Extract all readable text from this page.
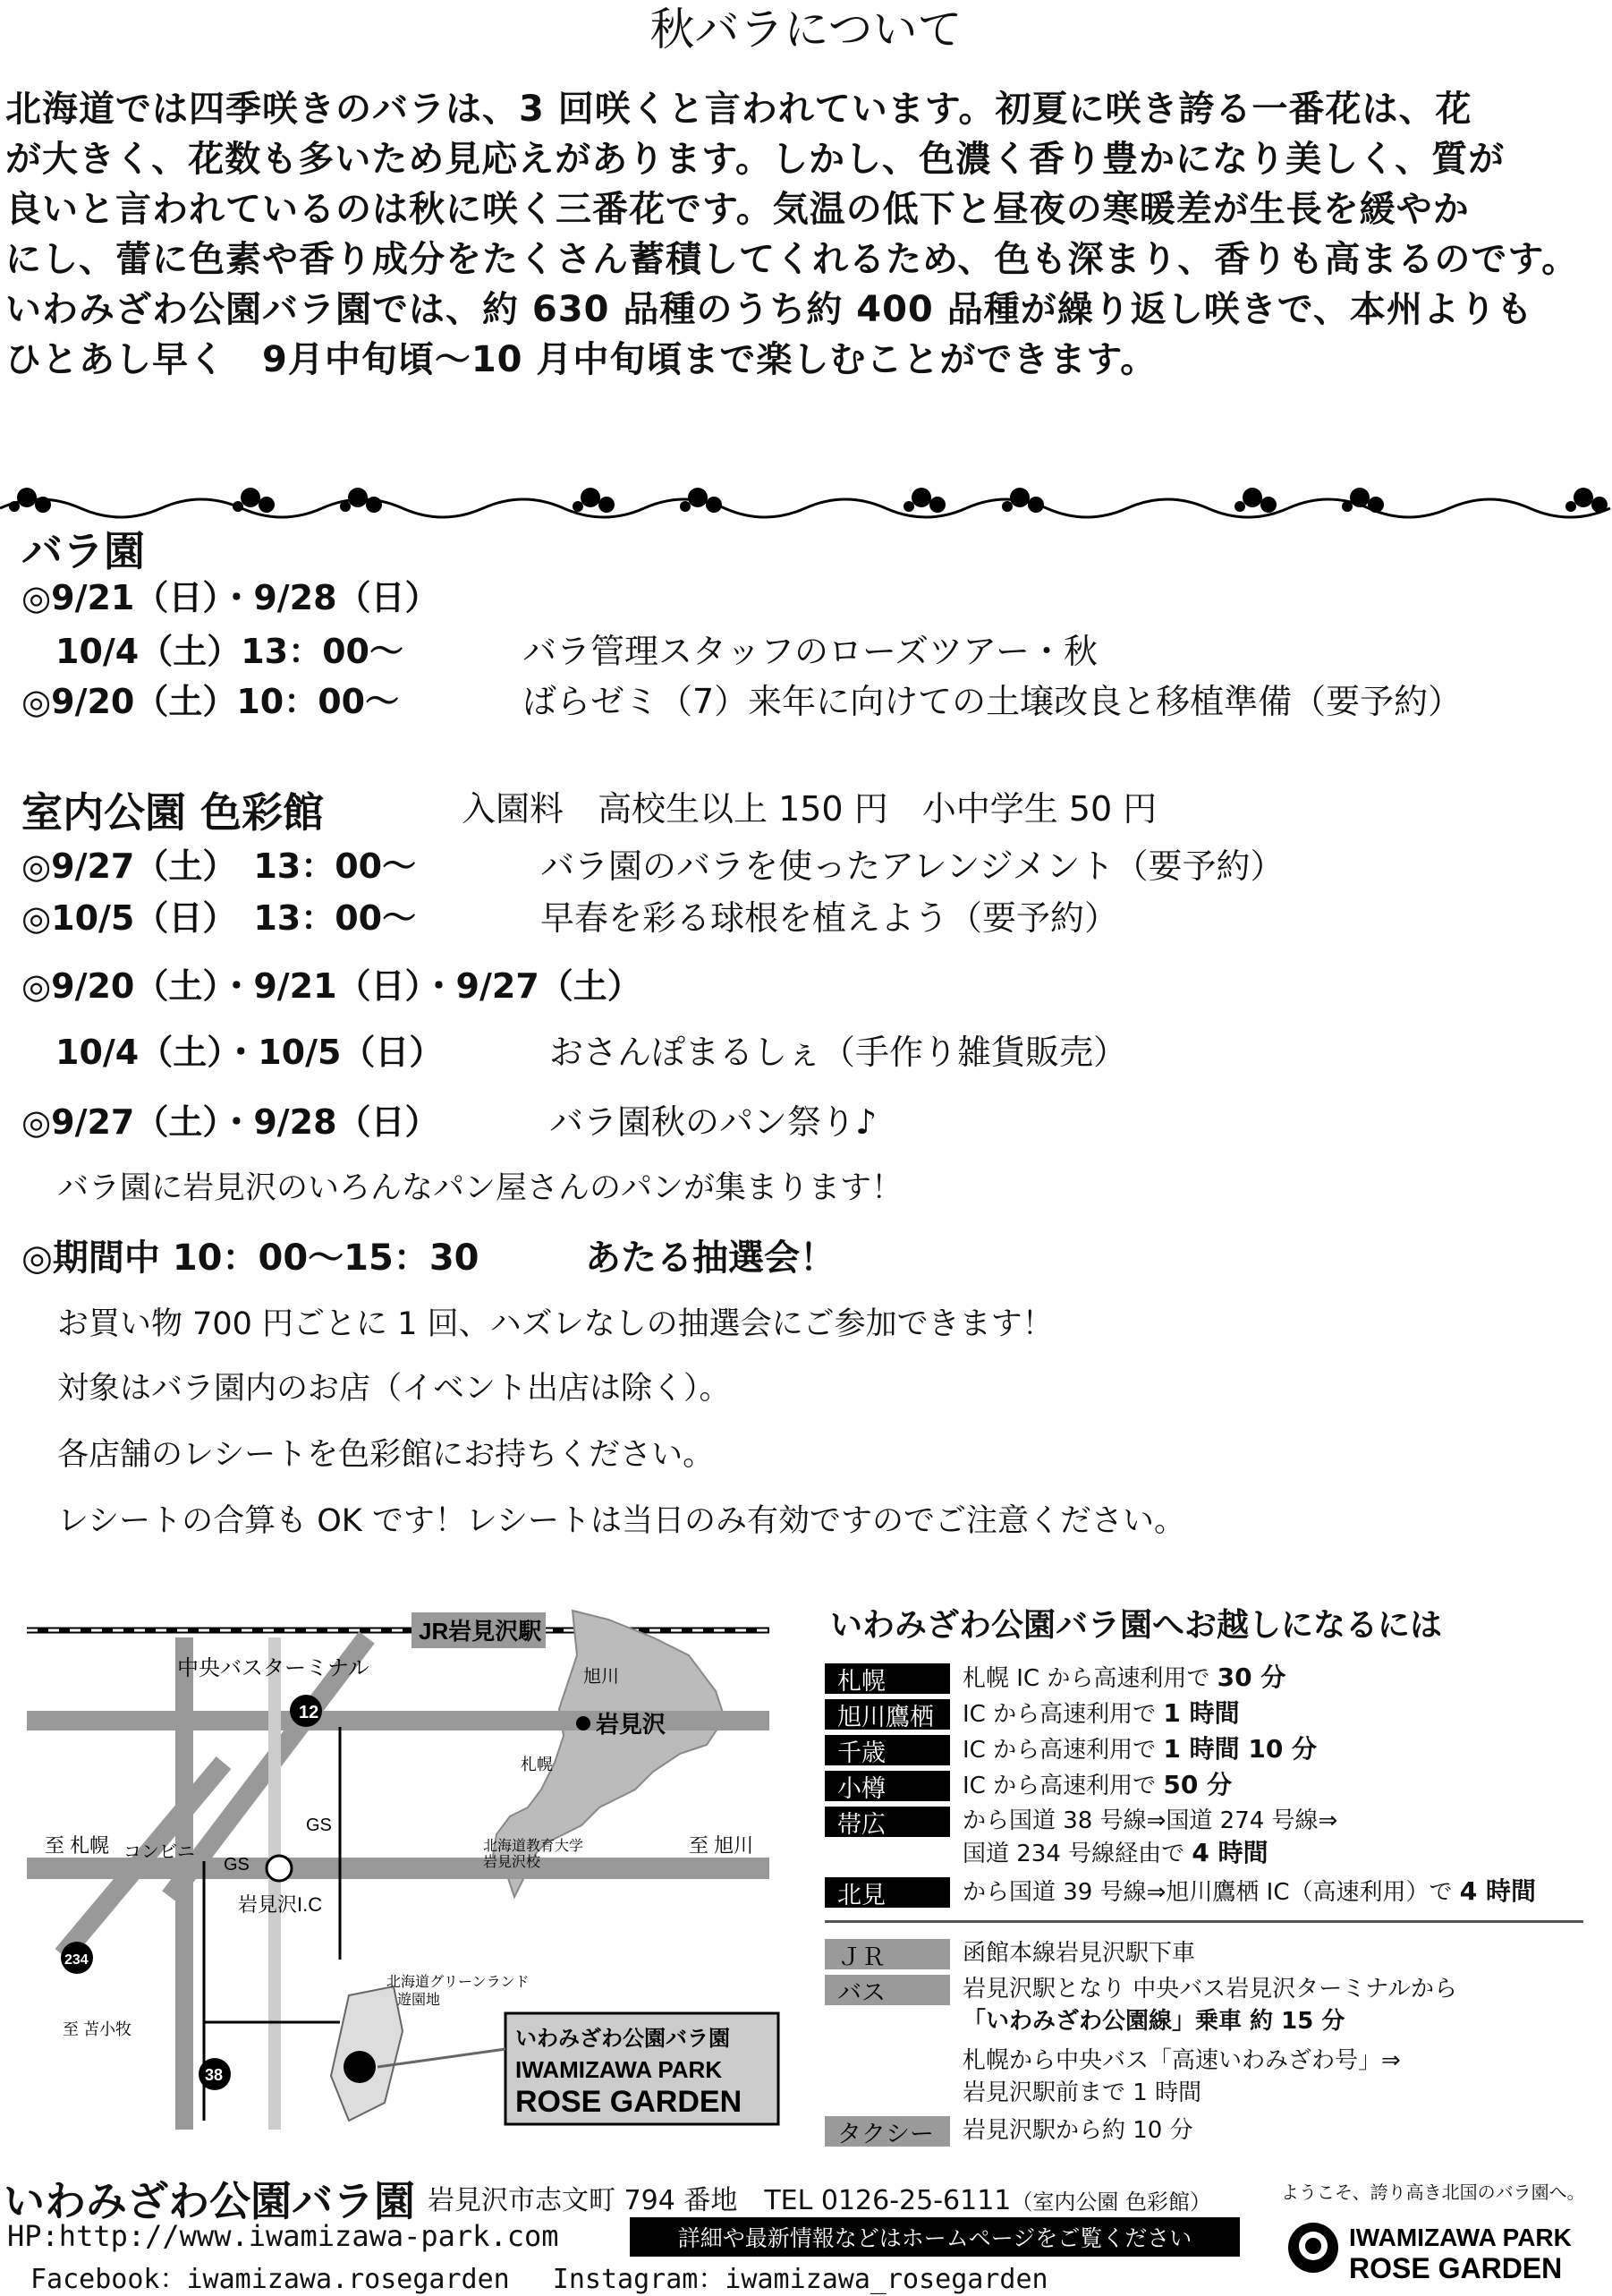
秋バラについて
北海道では四季咲きのバラは、3 回咲くと言われています。初夏に咲き誇る一番花は、花
が大きく、花数も多いため見応えがあります。しかし、色濃く香り豊かになり美しく、質が
良いと言われているのは秋に咲く三番花です。気温の低下と昼夜の寒暖差が生長を緩やか
にし、蕾に色素や香り成分をたくさん蓄積してくれるため、色も深まり、香りも高まるのです。
いわみざわ公園バラ園では、約 630 品種のうち約 400 品種が繰り返し咲きで、本州よりも
ひとあし早く　9月中旬頃～10 月中旬頃まで楽しむことができます。
バラ園
◎9/21（日）・9/28（日）
　10/4（土）13：00～	バラ管理スタッフのローズツアー・秋
◎9/20（土）10：00～	ばらゼミ（7）来年に向けての土壌改良と移植準備（要予約）
室内公園 色彩館	入園料　高校生以上 150 円　小中学生 50 円
◎9/27（土）　13：00～	バラ園のバラを使ったアレンジメント（要予約）
◎10/5（日）　13：00～	早春を彩る球根を植えよう（要予約）
◎9/20（土）・9/21（日）・9/27（土）
　10/4（土）・10/5（日）	おさんぽまるしぇ（手作り雑貨販売）
◎9/27（土）・9/28（日）	バラ園秋のパン祭り♪
バラ園に岩見沢のいろんなパン屋さんのパンが集まります！
◎期間中 10：00～15：30	あたる抽選会！
お買い物 700 円ごとに 1 回、ハズレなしの抽選会にご参加できます！
対象はバラ園内のお店（イベント出店は除く）。
各店舗のレシートを色彩館にお持ちください。
レシートの合算も OK です！レシートは当日のみ有効ですのでご注意ください。
JR岩見沢駅
中央バスターミナル
12
234
38
旭川
岩見沢
札幌
GS
GS
コンビニ
至 札幌	至 旭川
北海道教育大学
岩見沢校
岩見沢I.C
北海道グリーンランド
遊園地
至 苫小牧	いわみざわ公園バラ園
IWAMIZAWA PARK
ROSE GARDEN
いわみざわ公園バラ園へお越しになるには
札幌	札幌 IC から高速利用で 30 分
旭川鷹栖	IC から高速利用で 1 時間
千歳	IC から高速利用で 1 時間 10 分
小樽	IC から高速利用で 50 分
帯広	から国道 38 号線⇒国道 274 号線⇒
国道 234 号線経由で 4 時間
北見	から国道 39 号線⇒旭川鷹栖 IC（高速利用）で 4 時間
ＪＲ	函館本線岩見沢駅下車
バス	岩見沢駅となり 中央バス岩見沢ターミナルから
「いわみざわ公園線」乗車 約 15 分
札幌から中央バス「高速いわみざわ号」⇒
岩見沢駅前まで 1 時間
タクシー	岩見沢駅から約 10 分
いわみざわ公園バラ園 岩見沢市志文町 794 番地　TEL 0126-25-6111（室内公園 色彩館）	ようこそ、誇り高き北国のバラ園へ。
HP:http://www.iwamizawa-park.com	詳細や最新情報などはホームページをご覧ください
Facebook：iwamizawa.rosegarden　 Instagram：iwamizawa_rosegarden
IWAMIZAWA PARK
ROSE GARDEN
